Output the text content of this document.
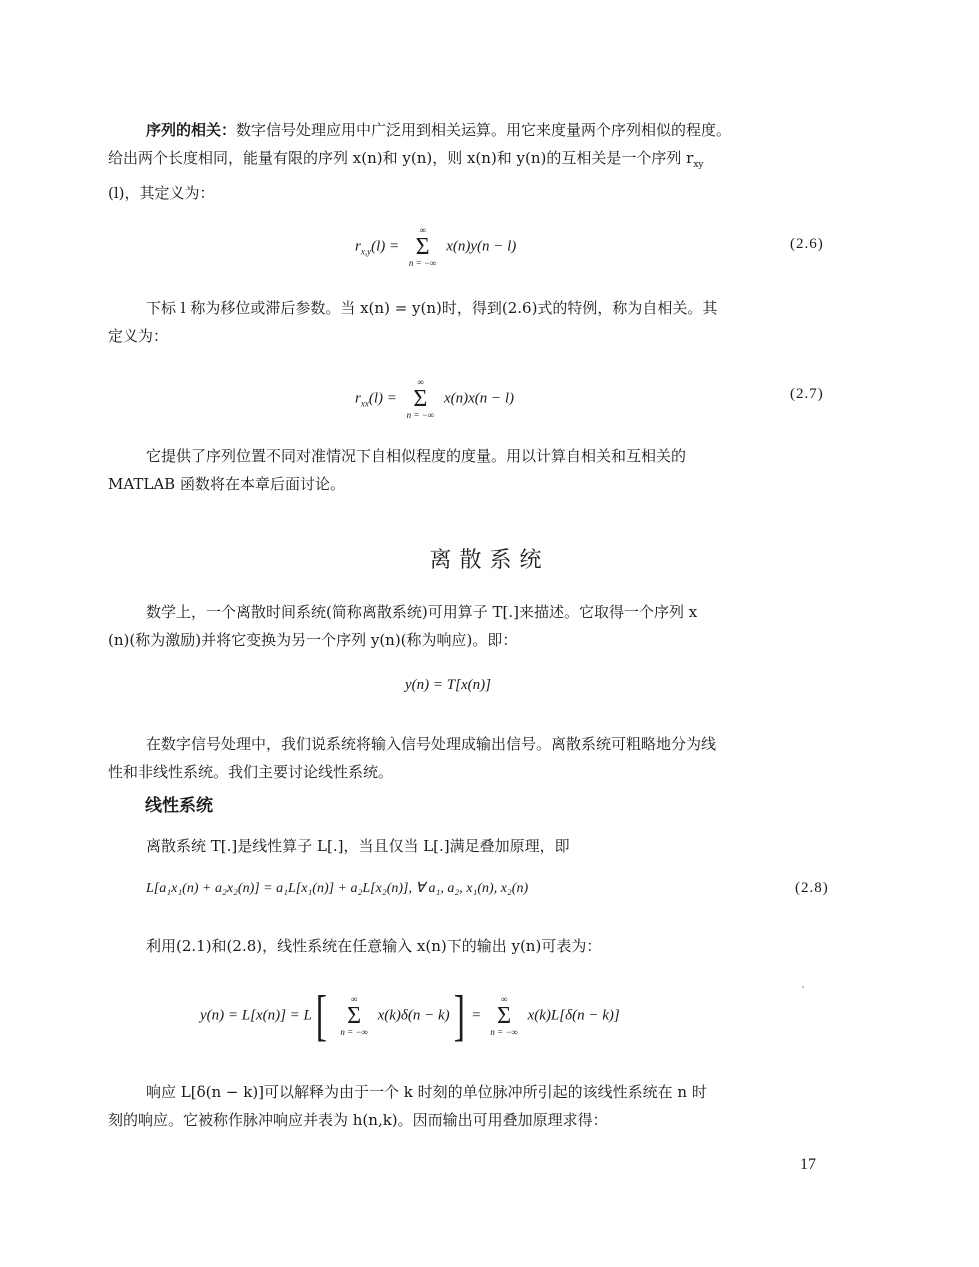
序列的相关：数字信号处理应用中广泛用到相关运算。用它来度量两个序列相似的程度。
给出两个长度相同，能量有限的序列 x(n)和 y(n)，则 x(n)和 y(n)的互相关是一个序列 $r_{xy}$
(l)，其定义为：
$r_{x,y}(l)$ =
∞
Σ
n = −∞
x(n)y(n − l)	(2.6)
下标 l 称为移位或滞后参数。当 x(n) = y(n)时，得到(2.6)式的特例，称为自相关。其
定义为：
$r_{xx}(l)$ =
∞
Σ
n = −∞
x(n)x(n − l)	(2.7)
它提供了序列位置不同对准情况下自相似程度的度量。用以计算自相关和互相关的
MATLAB 函数将在本章后面讨论。
离散系统
数学上，一个离散时间系统(简称离散系统)可用算子 T[.]来描述。它取得一个序列 x
(n)(称为激励)并将它变换为另一个序列 y(n)(称为响应)。即：
y(n) = T[x(n)]
在数字信号处理中，我们说系统将输入信号处理成输出信号。离散系统可粗略地分为线
性和非线性系统。我们主要讨论线性系统。
线性系统
离散系统 T[.]是线性算子 L[.]，当且仅当 L[.]满足叠加原理，即
L[a₁x₁(n) + a₂x₂(n)] = a₁L[x₁(n)] + a₂L[x₂(n)], ∀ a₁, a₂, x₁(n), x₂(n)	(2.8)
利用(2.1)和(2.8)，线性系统在任意输入 x(n)下的输出 y(n)可表为：
y(n) = L[x(n)] = L[	∞
Σ
n = −∞
x(k)δ(n − k)] =
∞
Σ
n = −∞
x(k)L[δ(n − k)]
响应 L[δ(n − k)]可以解释为由于一个 k 时刻的单位脉冲所引起的该线性系统在 n 时
刻的响应。它被称作脉冲响应并表为 h(n,k)。因而输出可用叠加原理求得：
17
